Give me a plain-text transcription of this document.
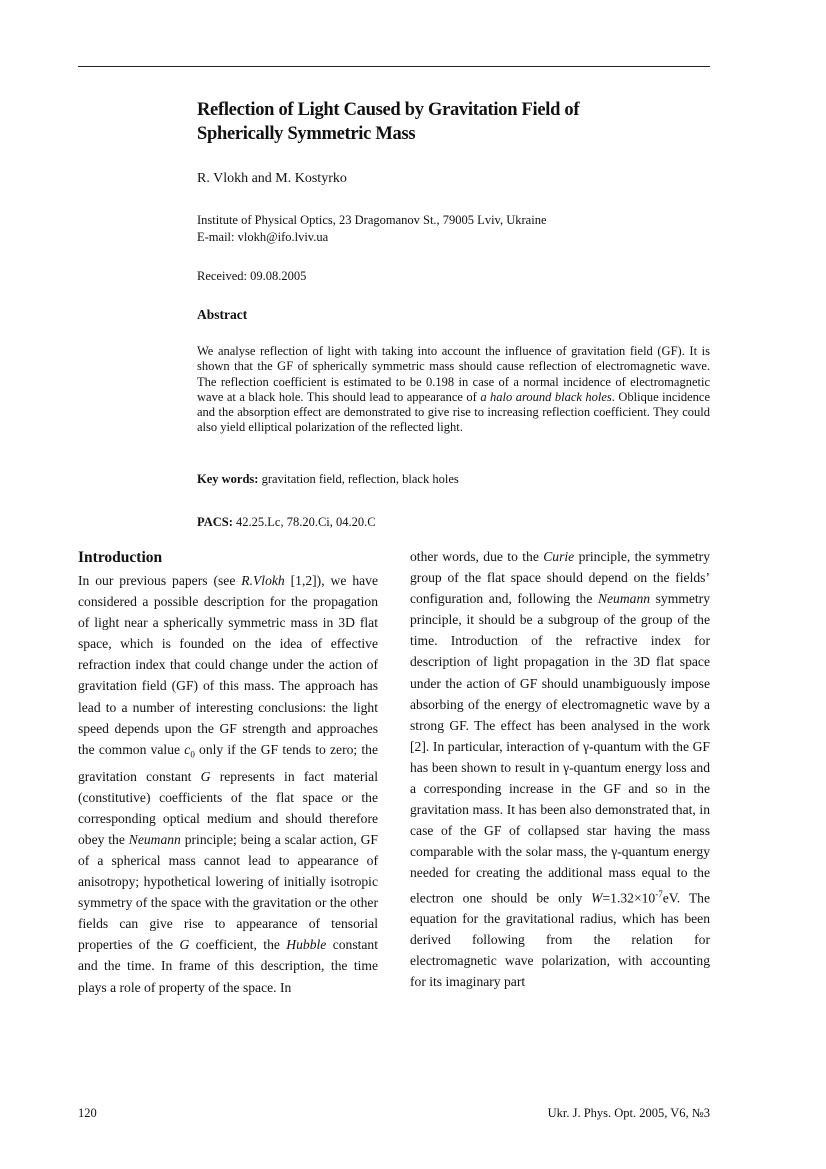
Reflection of Light Caused by Gravitation Field of
Spherically Symmetric Mass

R. Vlokh and M. Kostyrko
Institute of Physical Optics, 23 Dragomanov St., 79005 Lviv, Ukraine
E-mail: vlokh@ifo.lviv.ua
Received: 09.08.2005
Abstract
We analyse reflection of light with taking into account the influence of gravitation field (GF). It is shown that the GF of spherically symmetric mass should cause reflection of electromagnetic wave. The reflection coefficient is estimated to be 0.198 in case of a normal incidence of electromagnetic wave at a black hole. This should lead to appearance of a halo around black holes. Oblique incidence and the absorption effect are demonstrated to give rise to increasing reflection coefficient. They could also yield elliptical polarization of the reflected light.
Key words: gravitation field, reflection, black holes
PACS: 42.25.Lc, 78.20.Ci, 04.20.C

Introduction

In our previous papers (see R.Vlokh [1,2]), we have considered a possible description for the propagation of light near a spherically symmetric mass in 3D flat space, which is founded on the idea of effective refraction index that could change under the action of gravitation field (GF) of this mass. The approach has lead to a number of interesting conclusions: the light speed depends upon the GF strength and approaches the common value $c_0$ only if the GF tends to zero; the gravitation constant G represents in fact material (constitutive) coefficients of the flat space or the corresponding optical medium and should therefore obey the Neumann principle; being a scalar action, GF of a spherical mass cannot lead to appearance of anisotropy; hypothetical lowering of initially isotropic symmetry of the space with the gravitation or the other fields can give rise to appearance of tensorial properties of the G coefficient, the Hubble constant and the time. In frame of this description, the time plays a role of property of the space. In

other words, due to the Curie principle, the symmetry group of the flat space should depend on the fields’ configuration and, following the Neumann symmetry principle, it should be a subgroup of the group of the time. Introduction of the refractive index for description of light propagation in the 3D flat space under the action of GF should unambiguously impose absorbing of the energy of electromagnetic wave by a strong GF. The effect has been analysed in the work [2]. In particular, interaction of γ-quantum with the GF has been shown to result in γ-quantum energy loss and a corresponding increase in the GF and so in the gravitation mass. It has been also demonstrated that, in case of the GF of collapsed star having the mass comparable with the solar mass, the γ-quantum energy needed for creating the additional mass equal to the electron one should be only $W=1.32\times 10^{-7}eV$. The equation for the gravitational radius, which has been derived following from the relation for electromagnetic wave polarization, with accounting for its imaginary part

120	Ukr. J. Phys. Opt. 2005, V6, №3
